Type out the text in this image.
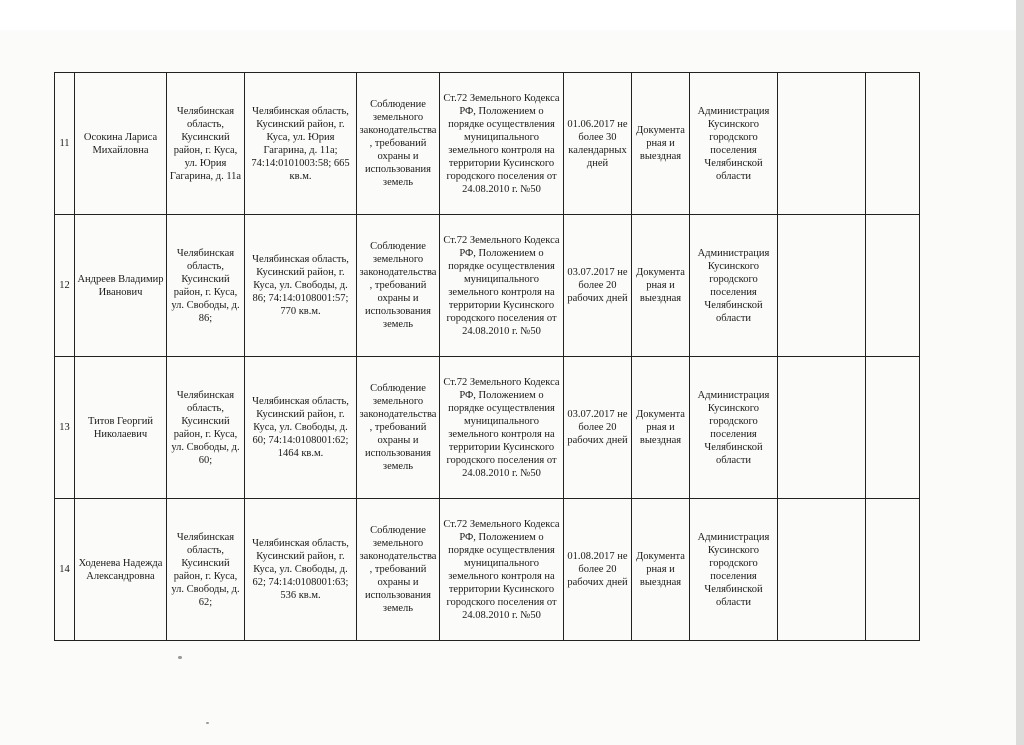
11	Осокина Лариса Михайловна	Челябинская область, Кусинский район, г. Куса, ул. Юрия Гагарина, д. 11а	Челябинская область, Кусинский район, г. Куса, ул. Юрия Гагарина, д. 11а; 74:14:0101003:58; 665 кв.м.	Соблюдение земельного законодательства, требований охраны и использования земель	Ст.72 Земельного Кодекса РФ, Положением о порядке осуществления муниципального земельного контроля на территории Кусинского городского поселения от 24.08.2010 г. №50	01.06.2017 не более 30 календарных дней	Документарная и выездная	Администрация Кусинского городского поселения Челябинской области		
12	Андреев Владимир Иванович	Челябинская область, Кусинский район, г. Куса, ул. Свободы, д. 86;	Челябинская область, Кусинский район, г. Куса, ул. Свободы, д. 86; 74:14:0108001:57; 770 кв.м.	Соблюдение земельного законодательства, требований охраны и использования земель	Ст.72 Земельного Кодекса РФ, Положением о порядке осуществления муниципального земельного контроля на территории Кусинского городского поселения от 24.08.2010 г. №50	03.07.2017 не более 20 рабочих дней	Документарная и выездная	Администрация Кусинского городского поселения Челябинской области		
13	Титов Георгий Николаевич	Челябинская область, Кусинский район, г. Куса, ул. Свободы, д. 60;	Челябинская область, Кусинский район, г. Куса, ул. Свободы, д. 60; 74:14:0108001:62; 1464 кв.м.	Соблюдение земельного законодательства, требований охраны и использования земель	Ст.72 Земельного Кодекса РФ, Положением о порядке осуществления муниципального земельного контроля на территории Кусинского городского поселения от 24.08.2010 г. №50	03.07.2017 не более 20 рабочих дней	Документарная и выездная	Администрация Кусинского городского поселения Челябинской области		
14	Ходенева Надежда Александровна	Челябинская область, Кусинский район, г. Куса, ул. Свободы, д. 62;	Челябинская область, Кусинский район, г. Куса, ул. Свободы, д. 62; 74:14:0108001:63; 536 кв.м.	Соблюдение земельного законодательства, требований охраны и использования земель	Ст.72 Земельного Кодекса РФ, Положением о порядке осуществления муниципального земельного контроля на территории Кусинского городского поселения от 24.08.2010 г. №50	01.08.2017 не более 20 рабочих дней	Документарная и выездная	Администрация Кусинского городского поселения Челябинской области		
